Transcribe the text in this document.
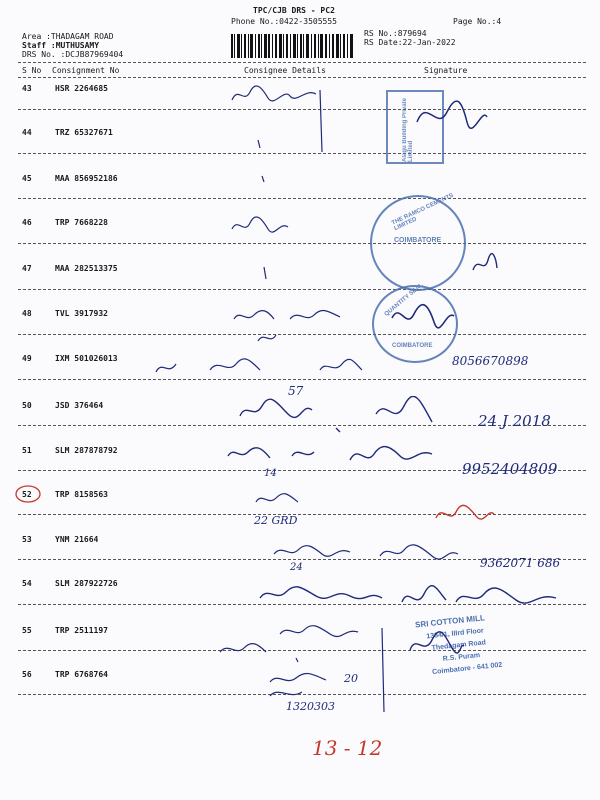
TPC/CJB DRS - PC2
Phone No.:0422-3505555	Page No.:4
Area :THADAGAM ROAD
Staff :MUTHUSAMY
DRS No. :DCJB87969404
RS No.:879694
RS Date:22-Jan-2022
S No Consignment No	Consignee Details	Signature
43	HSR 2264685
44	TRZ 65327671
45	MAA 856952186
46	TRP 7668228
47	MAA 282513375
48	TVL 3917932
49	IXM 501026013
50	JSD 376464
51	SLM 287878792
52	TRP 8158563
53	YNM 21664
54	SLM 287922726
55	TRP 2511197
56	TRP 6768764
Alagu Building Private Limited
THE RAMCO CEMENTS LIMITED
COIMBATORE
QUANTITY SEAL
COIMBATORE
SRI COTTON MILL
1334/1, IIIrd Floor
Thedagam Road
R.S. Puram
Coimbatore - 641 002
8056670898
57
24 J 2018
14	9952404809
22 GRD
24	9362071 686
20
1320303
13 - 12
